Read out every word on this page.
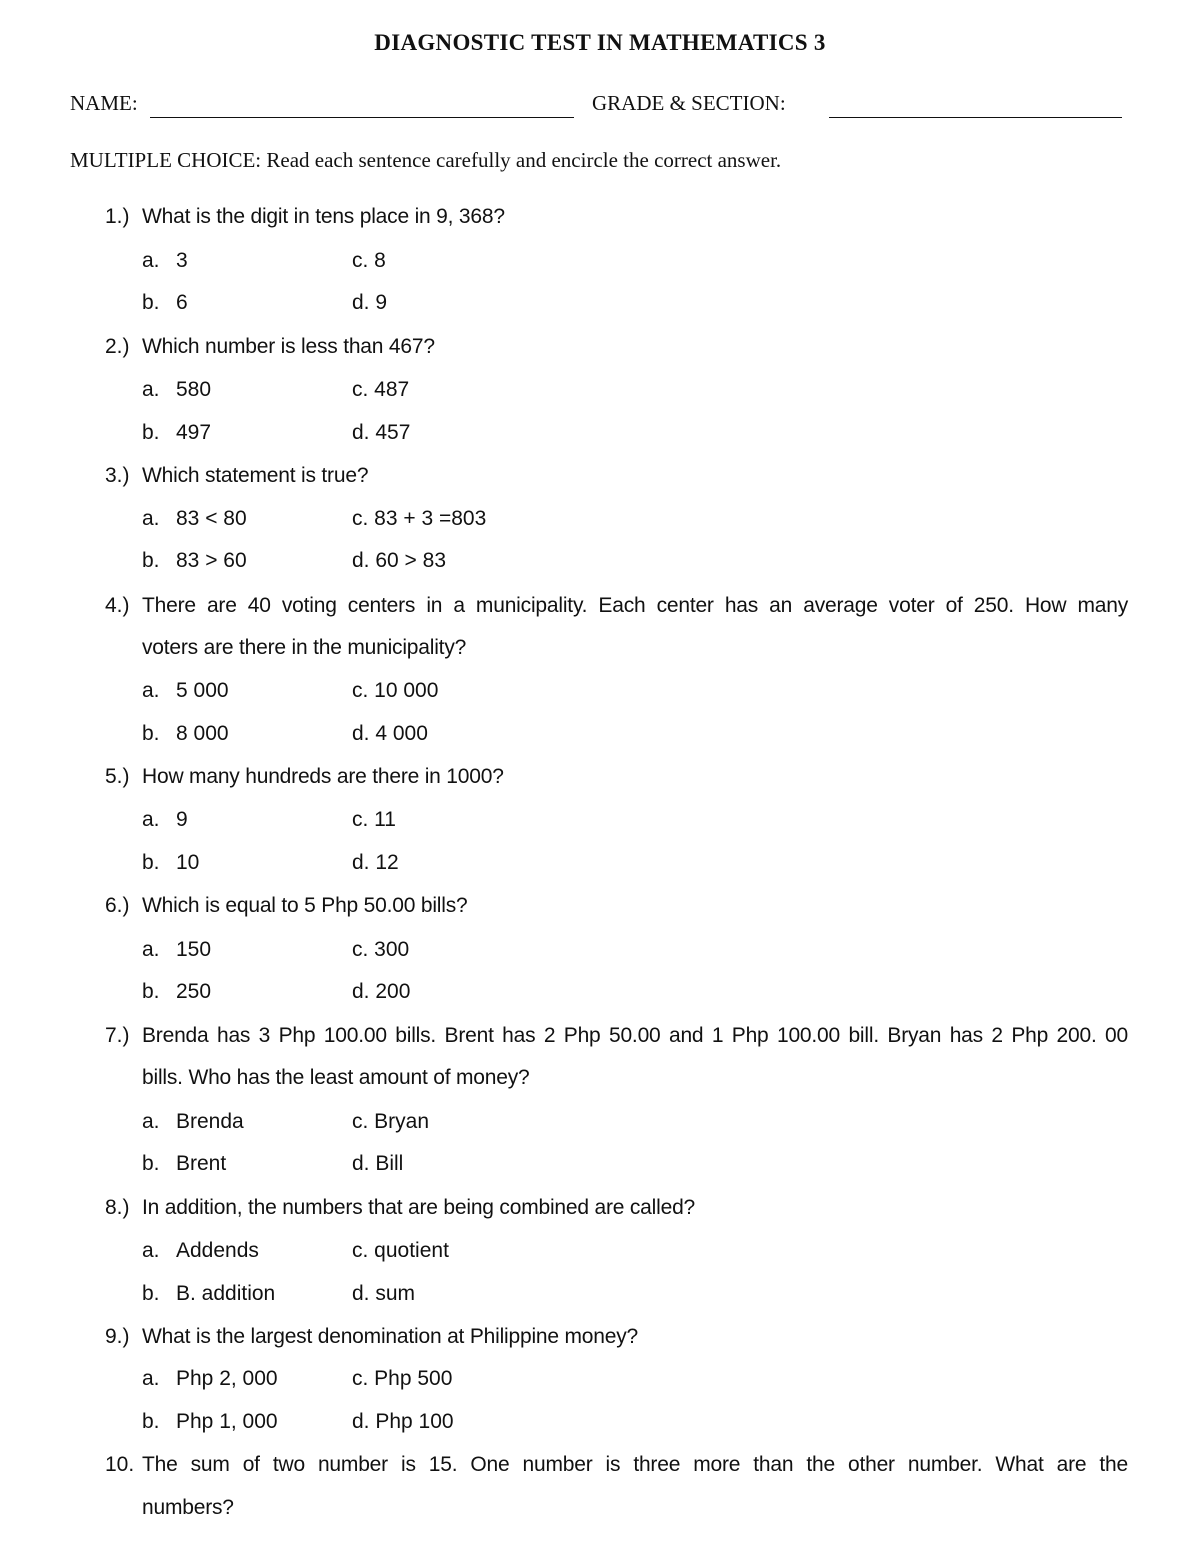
DIAGNOSTIC TEST IN MATHEMATICS 3
NAME:	GRADE & SECTION:
MULTIPLE CHOICE: Read each sentence carefully and encircle the correct answer.
1.) What is the digit in tens place in 9, 368?
a. 3	c. 8
b. 6	d. 9
2.) Which number is less than 467?
a. 580	c. 487
b. 497	d. 457
3.) Which statement is true?
a. 83 < 80	c. 83 + 3 =803
b. 83 > 60	d. 60 > 83
4.) There are 40 voting centers in a municipality. Each center has an average voter of 250. How many
voters are there in the municipality?
a. 5 000	c. 10 000
b. 8 000	d. 4 000
5.) How many hundreds are there in 1000?
a. 9	c. 11
b. 10	d. 12
6.) Which is equal to 5 Php 50.00 bills?
a. 150	c. 300
b. 250	d. 200
7.) Brenda has 3 Php 100.00 bills. Brent has 2 Php 50.00 and 1 Php 100.00 bill. Bryan has 2 Php 200. 00
bills. Who has the least amount of money?
a. Brenda	c. Bryan
b. Brent	d. Bill
8.) In addition, the numbers that are being combined are called?
a. Addends	c. quotient
b. B. addition	d. sum
9.) What is the largest denomination at Philippine money?
a. Php 2, 000	c. Php 500
b. Php 1, 000	d. Php 100
10. The sum of two number is 15. One number is three more than the other number. What are the
numbers?
